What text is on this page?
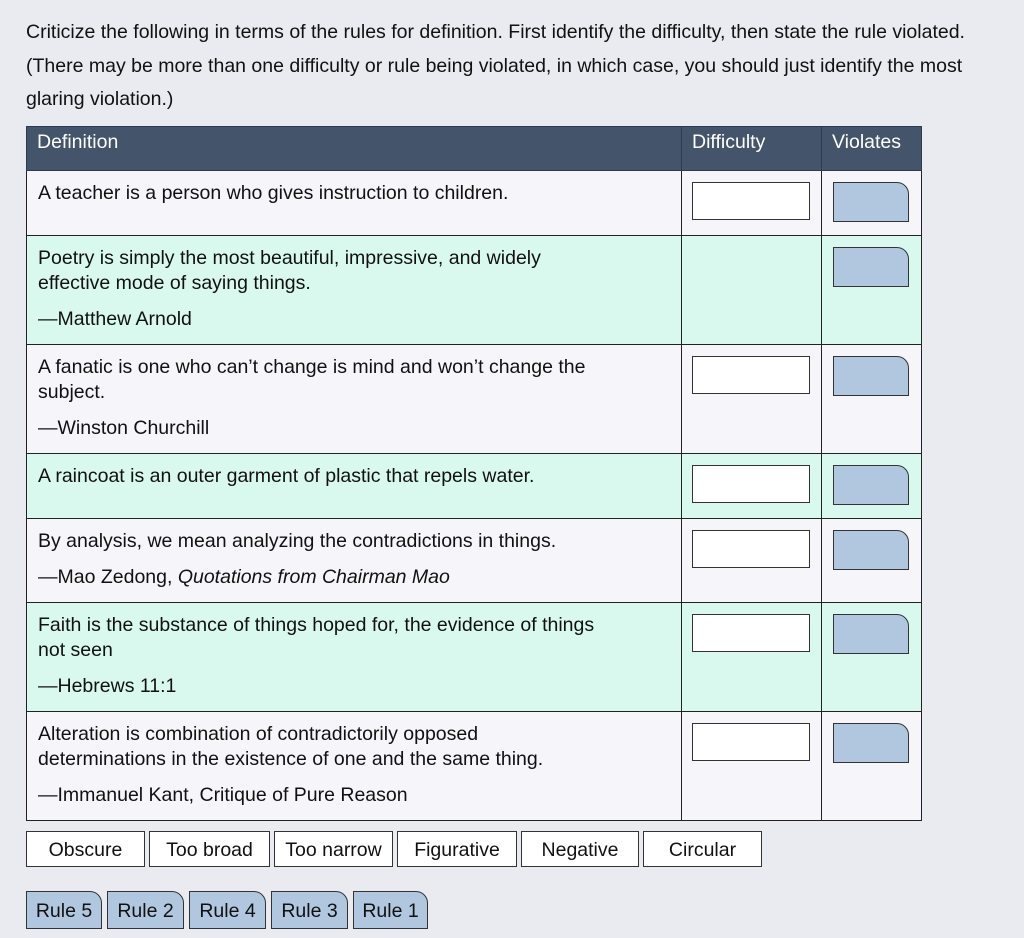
Criticize the following in terms of the rules for definition. First identify the difficulty, then state the rule violated. (There may be more than one difficulty or rule being violated, in which case, you should just identify the most glaring violation.)

Definition	Difficulty	Violates

A teacher is a person who gives instruction to children.		

Poetry is simply the most beautiful, impressive, and widely
effective mode of saying things.
—Matthew Arnold		

A fanatic is one who can’t change is mind and won’t change the
subject.
—Winston Churchill		

A raincoat is an outer garment of plastic that repels water.		

By analysis, we mean analyzing the contradictions in things.
—Mao Zedong, Quotations from Chairman Mao		

Faith is the substance of things hoped for, the evidence of things
not seen
—Hebrews 11:1		

Alteration is combination of contradictorily opposed
determinations in the existence of one and the same thing.
—Immanuel Kant, Critique of Pure Reason		

Obscure	Too broad	Too narrow	Figurative	Negative	Circular
Rule 5	Rule 2	Rule 4	Rule 3	Rule 1
